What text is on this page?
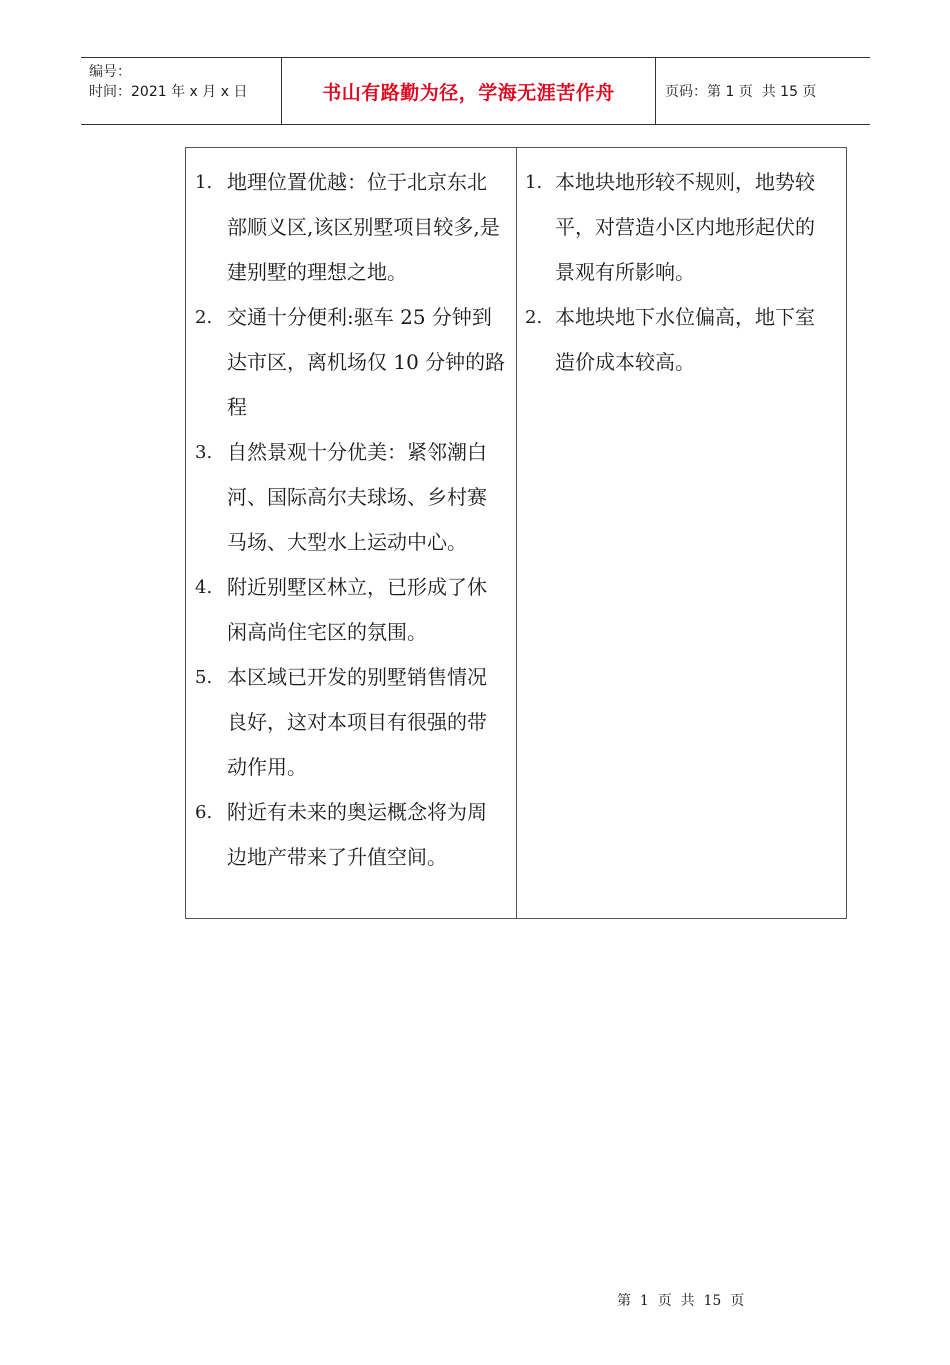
编号：
时间：2021 年 x 月 x 日	书山有路勤为径，学海无涯苦作舟	页码：第 1 页  共 15 页
1. 地理位置优越：位于北京东北部顺义区,该区别墅项目较多,是建别墅的理想之地。
2. 交通十分便利:驱车 25 分钟到达市区，离机场仅 10 分钟的路程
3. 自然景观十分优美：紧邻潮白河、国际高尔夫球场、乡村赛马场、大型水上运动中心。
4. 附近别墅区林立，已形成了休闲高尚住宅区的氛围。
5. 本区域已开发的别墅销售情况良好，这对本项目有很强的带动作用。
6. 附近有未来的奥运概念将为周边地产带来了升值空间。
1. 本地块地形较不规则，地势较平，对营造小区内地形起伏的景观有所影响。
2. 本地块地下水位偏高，地下室造价成本较高。
第  1  页  共  15  页
